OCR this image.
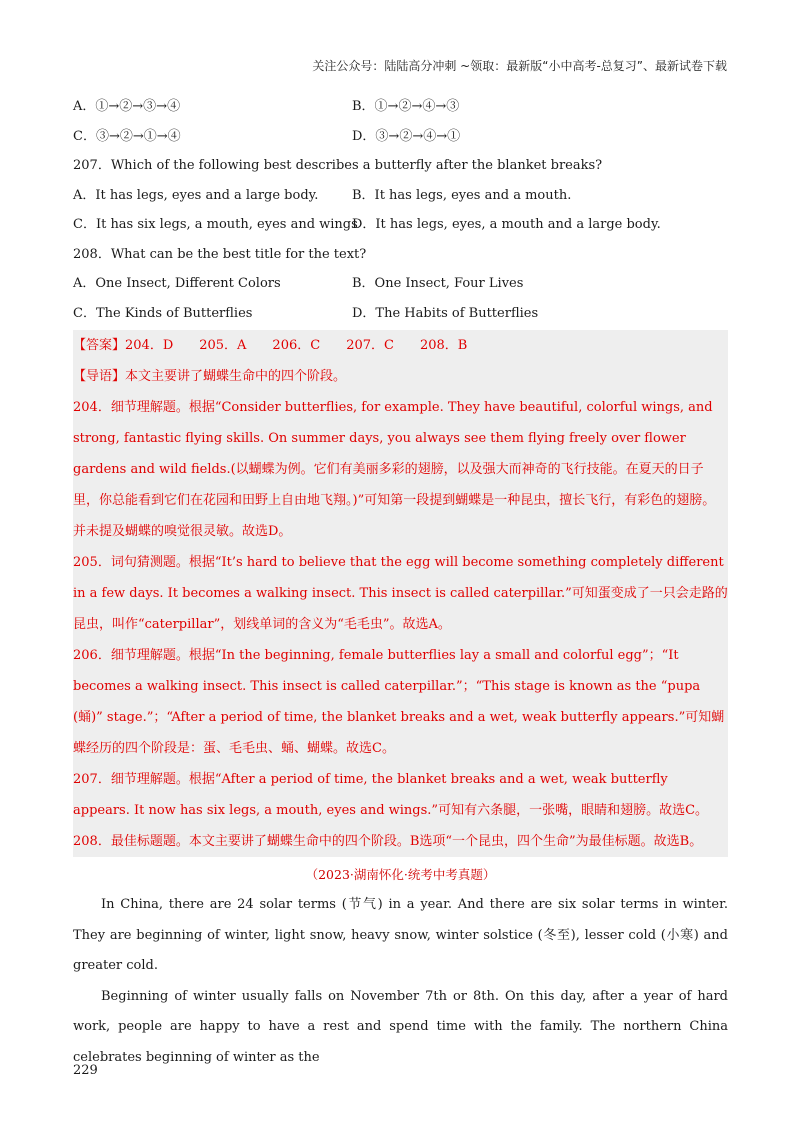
关注公众号：陆陆高分冲刺 ~领取：最新版“小中高考-总复习”、最新试卷下载
A．①→②→③→④	B．①→②→④→③
C．③→②→①→④	D．③→②→④→①
207．Which of the following best describes a butterfly after the blanket breaks?
A．It has legs, eyes and a large body.	B．It has legs, eyes and a mouth.
C．It has six legs, a mouth, eyes and wings
D．It has legs, eyes, a mouth and a large body.
208．What can be the best title for the text?
A．One Insect, Different Colors	B．One Insect, Four Lives
C．The Kinds of Butterflies	D．The Habits of Butterflies

【答案】204．D　　205．A　　206．C　　207．C　　208．B

【导语】本文主要讲了蝴蝶生命中的四个阶段。

204．细节理解题。根据“Consider butterflies, for example. They have beautiful, colorful wings, and strong, fantastic flying skills. On summer days, you always see them flying freely over flower gardens and wild fields.(以蝴蝶为例。它们有美丽多彩的翅膀，以及强大而神奇的飞行技能。在夏天的日子里，你总能看到它们在花园和田野上自由地飞翔。)”可知第一段提到蝴蝶是一种昆虫，擅长飞行，有彩色的翅膀。并未提及蝴蝶的嗅觉很灵敏。故选D。

205．词句猜测题。根据“It’s hard to believe that the egg will become something completely different in a few days. It becomes a walking insect. This insect is called caterpillar.”可知蛋变成了一只会走路的昆虫，叫作“caterpillar”，划线单词的含义为“毛毛虫”。故选A。

206．细节理解题。根据“In the beginning, female butterflies lay a small and colorful egg”；“It becomes a walking insect. This insect is called caterpillar.”；“This stage is known as the “pupa (蛹)” stage.”；“After a period of time, the blanket breaks and a wet, weak butterfly appears.”可知蝴蝶经历的四个阶段是：蛋、毛毛虫、蛹、蝴蝶。故选C。

207．细节理解题。根据“After a period of time, the blanket breaks and a wet, weak butterfly appears. It now has six legs, a mouth, eyes and wings.”可知有六条腿，一张嘴，眼睛和翅膀。故选C。

208．最佳标题题。本文主要讲了蝴蝶生命中的四个阶段。B选项“一个昆虫，四个生命”为最佳标题。故选B。

（2023·湖南怀化·统考中考真题）

In China, there are 24 solar terms (节气) in a year. And there are six solar terms in winter. They are beginning of winter, light snow, heavy snow, winter solstice (冬至), lesser cold (小寒) and greater cold.

Beginning of winter usually falls on November 7th or 8th. On this day, after a year of hard work, people are happy to have a rest and spend time with the family. The northern China celebrates beginning of winter as the

229
